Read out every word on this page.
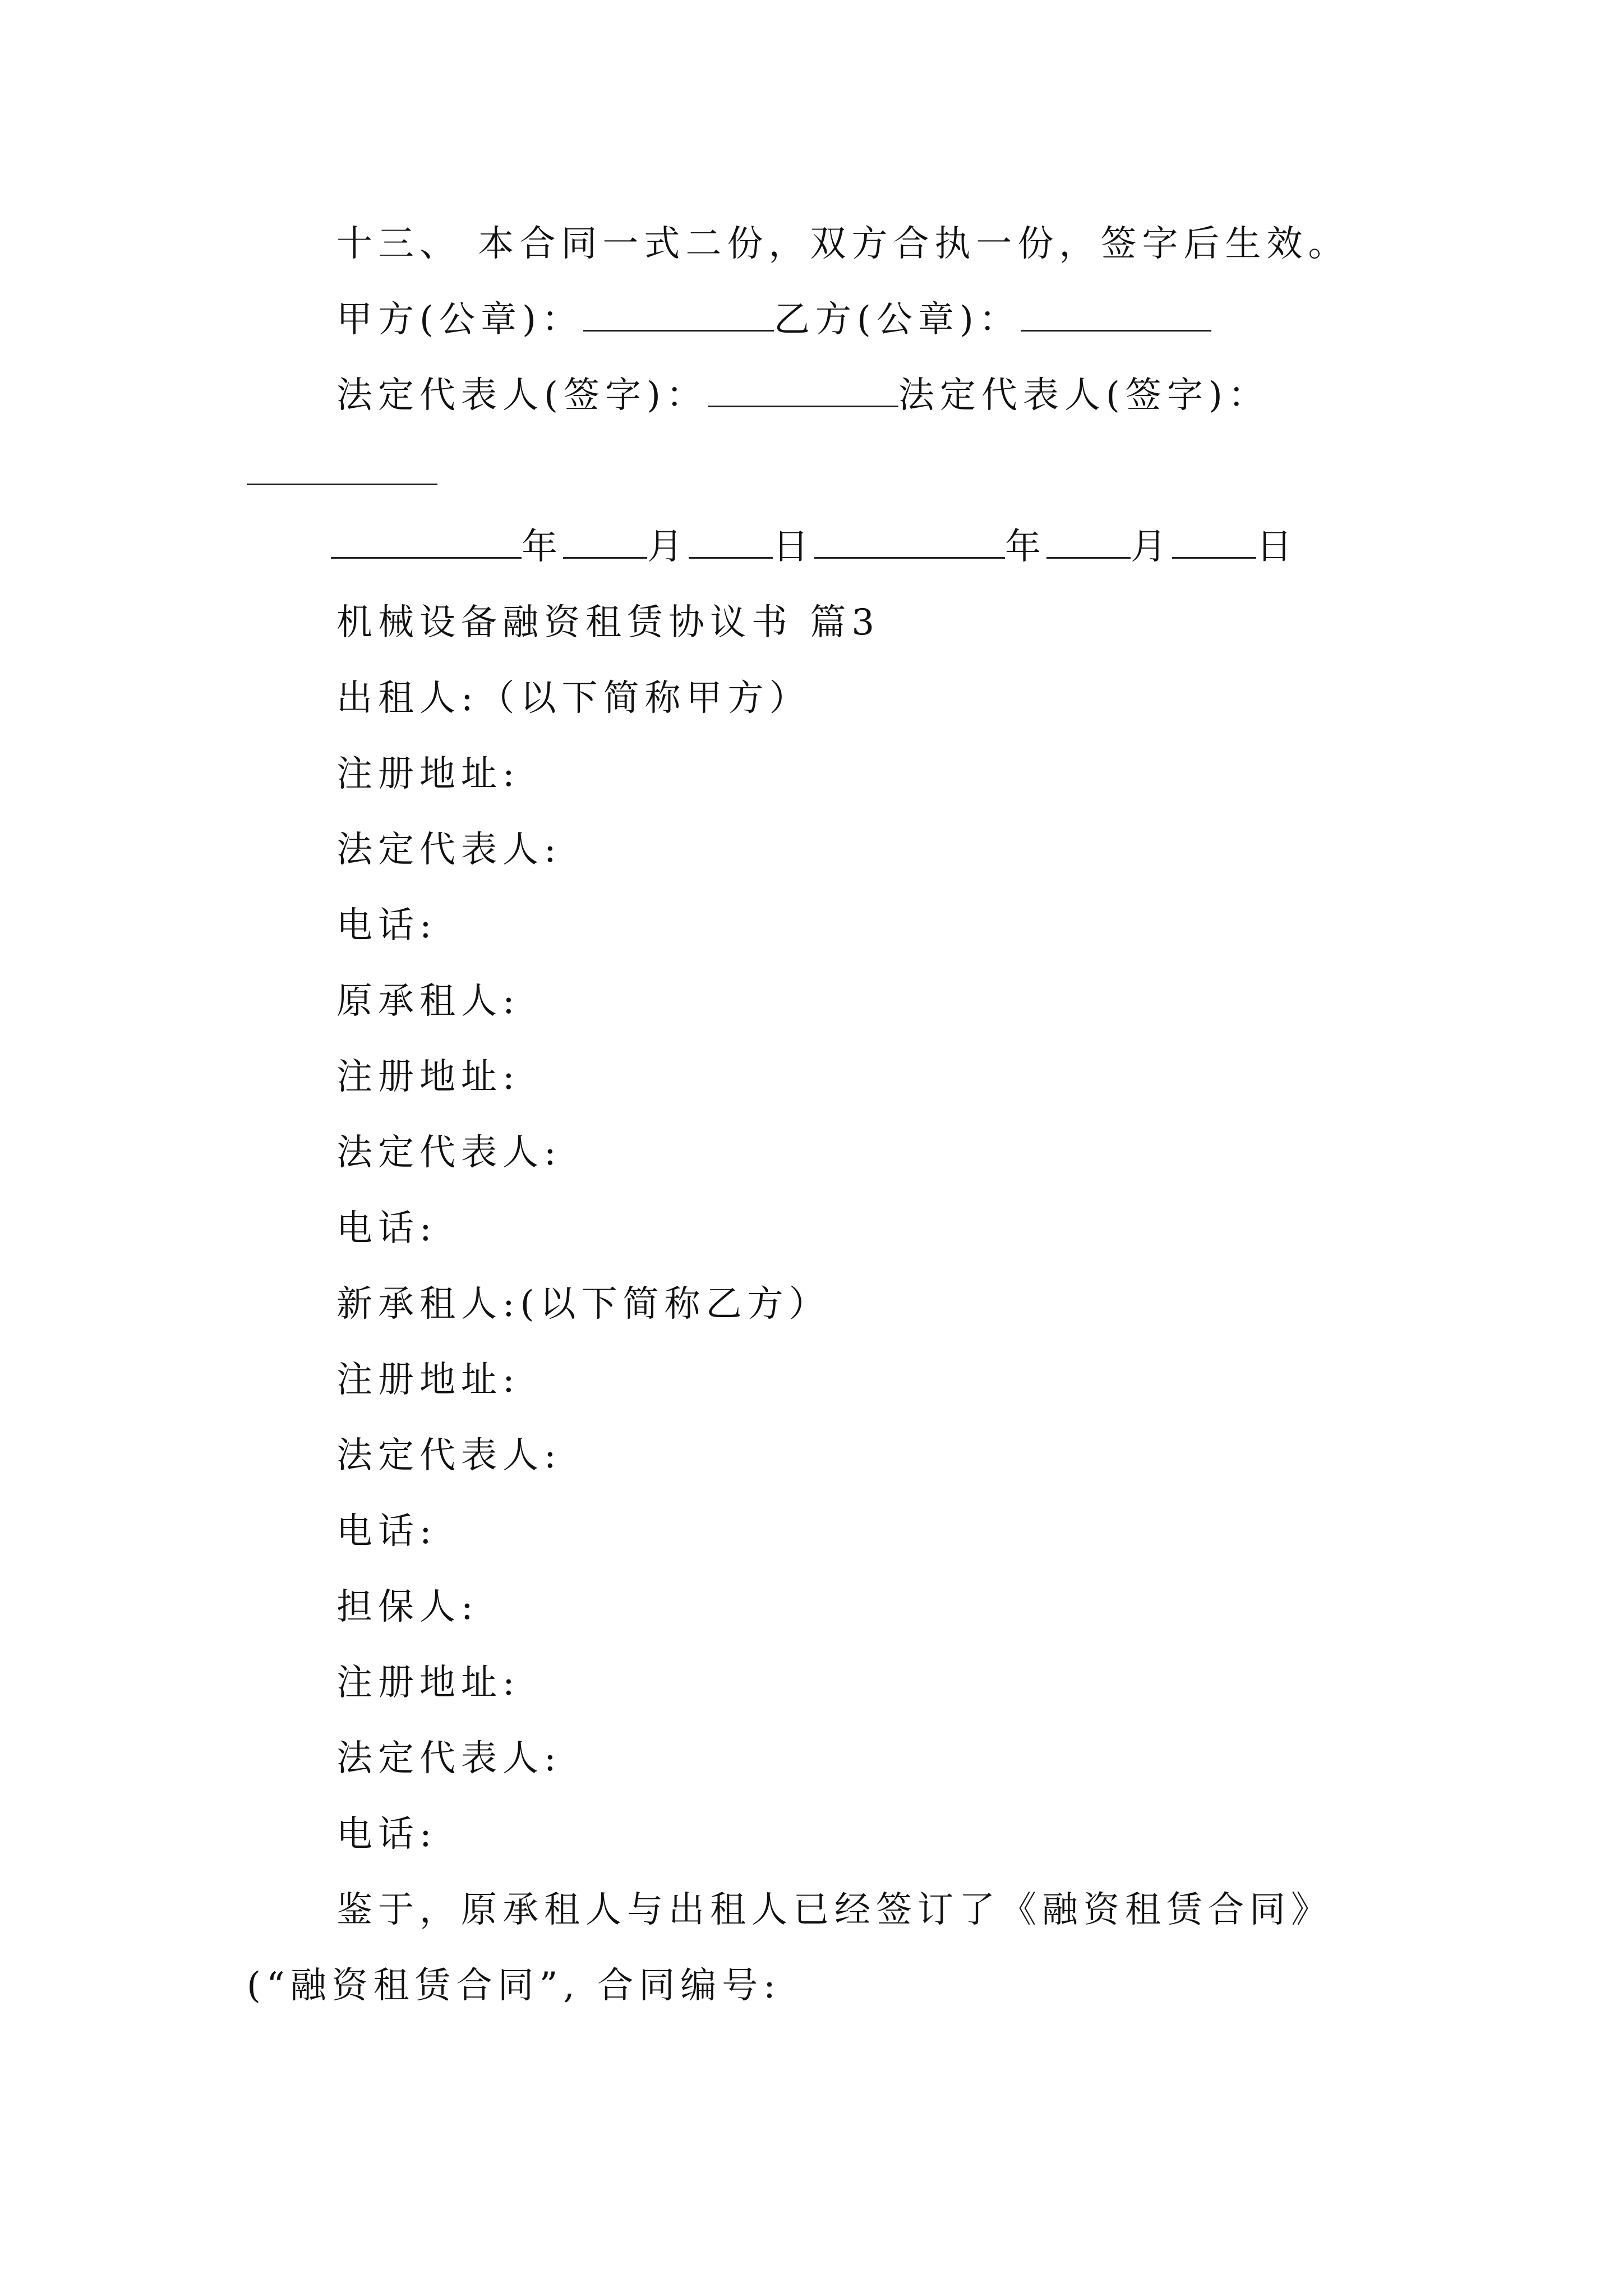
十三、 本合同一式二份，双方合执一份，签字后生效。
甲方(公章)：	乙方(公章)：
法定代表人(签字)：	法定代表人(签字)：
年 月 日	年 月 日
机械设备融资租赁协议书 篇3
出租人:（以下简称甲方）
注册地址:
法定代表人:
电话:
原承租人:
注册地址:
法定代表人:
电话:
新承租人:(以下简称乙方）
注册地址:
法定代表人:
电话:
担保人:
注册地址:
法定代表人:
电话:
鉴于，原承租人与出租人已经签订了《融资租赁合同》
(“融资租赁合同”, 合同编号:
